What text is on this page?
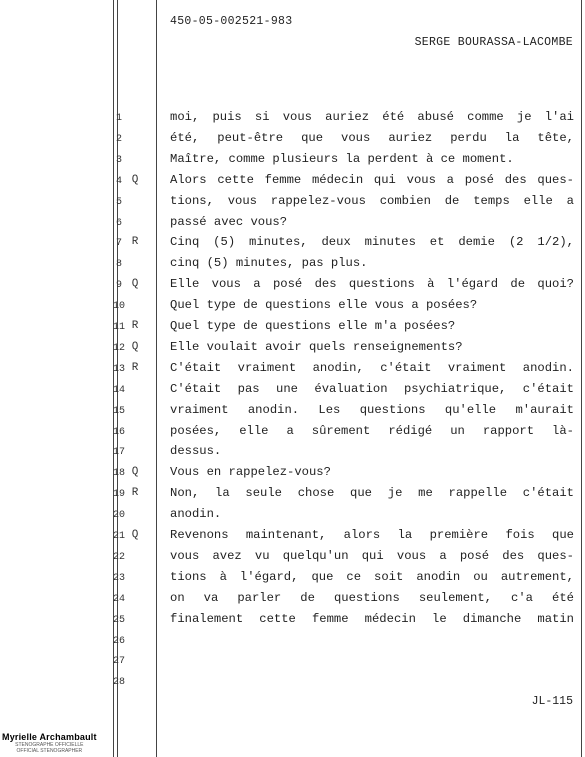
450-05-002521-983
SERGE BOURASSA-LACOMBE
1
2
3
4
5
6
7
8
9
10
11
12
13
14
15
16
17
18
19
20
21
22
23
24
25
26
27
28
moi, puis si vous auriez été abusé comme je l'ai
été, peut-être que vous auriez perdu la tête,
Maître, comme plusieurs la perdent à ce moment.
Q	Alors cette femme médecin qui vous a posé des ques-
tions, vous rappelez-vous combien de temps elle a
passé avec vous?
R	Cinq (5) minutes, deux minutes et demie (2 1/2),
cinq (5) minutes, pas plus.
Q	Elle vous a posé des questions à l'égard de quoi?
Quel type de questions elle vous a posées?
R	Quel type de questions elle m'a posées?
Q	Elle voulait avoir quels renseignements?
R	C'était vraiment anodin, c'était vraiment anodin.
C'était pas une évaluation psychiatrique, c'était
vraiment anodin. Les questions qu'elle m'aurait
posées, elle a sûrement rédigé un rapport là-
dessus.
Q	Vous en rappelez-vous?
R	Non, la seule chose que je me rappelle c'était
anodin.
Q	Revenons maintenant, alors la première fois que
vous avez vu quelqu'un qui vous a posé des ques-
tions à l'égard, que ce soit anodin ou autrement,
on va parler de questions seulement, c'a été
finalement cette femme médecin le dimanche matin
JL-115
Myrielle Archambault
STENOGRAPHE OFFICIELLE
OFFICIAL STENOGRAPHER
